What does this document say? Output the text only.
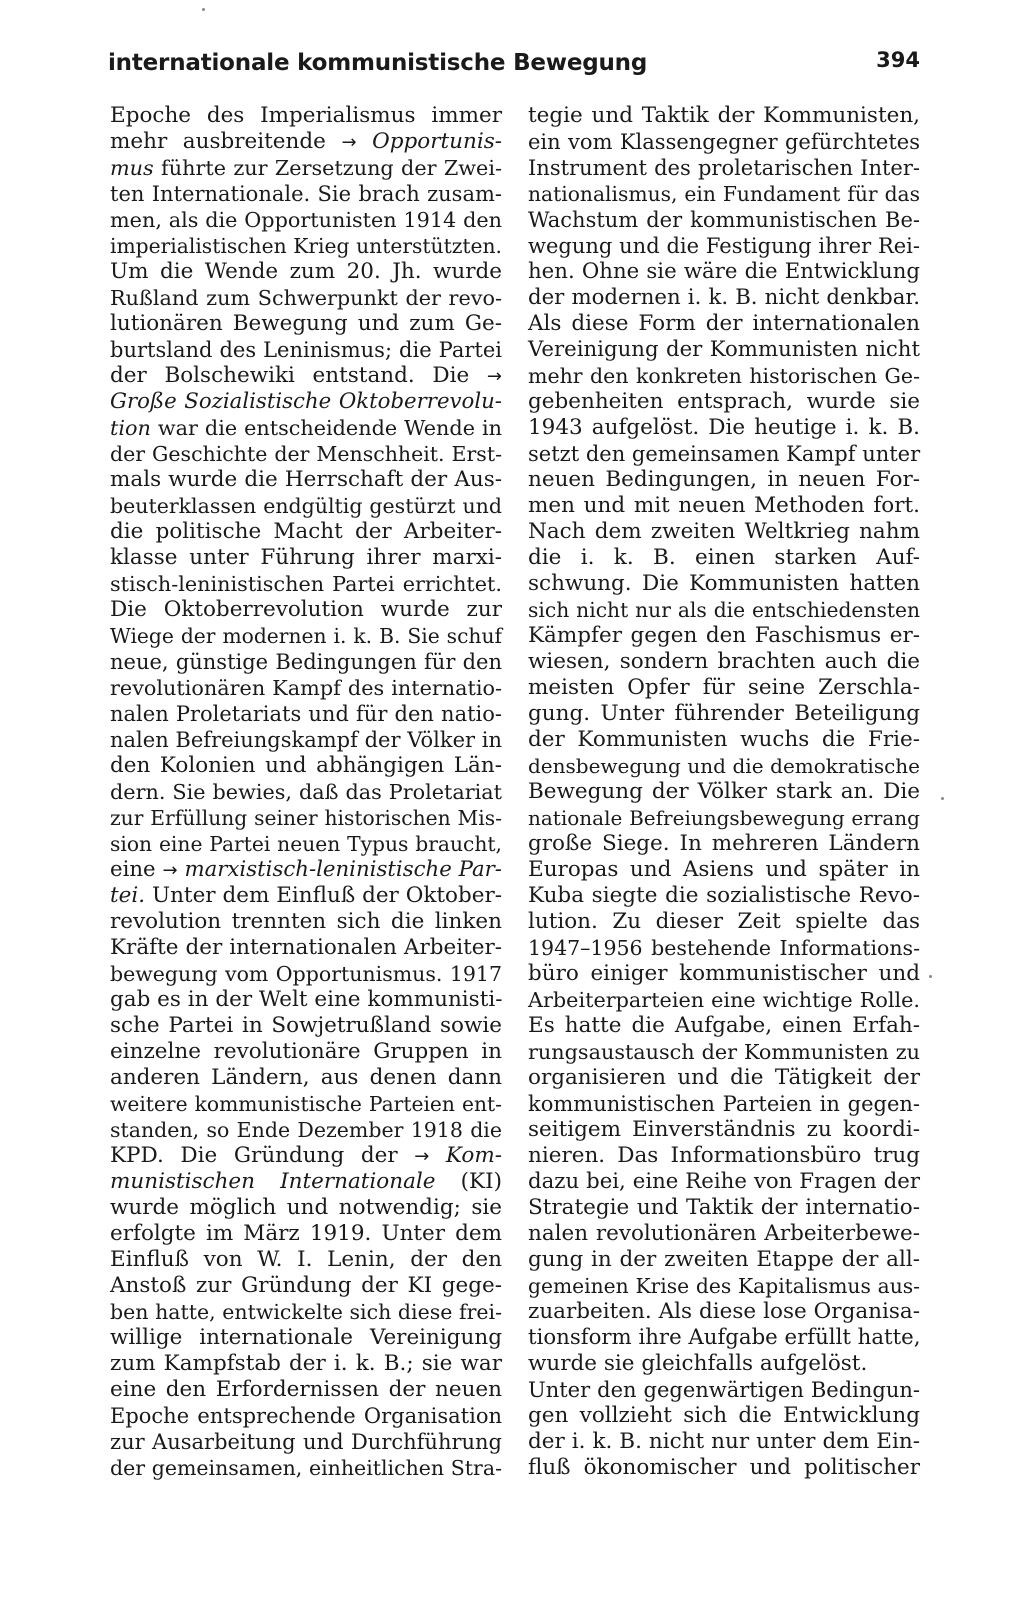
internationale kommunistische Bewegung	394
Epoche des Imperialismus immer
mehr ausbreitende → Opportunis-
mus führte zur Zersetzung der Zwei-
ten Internationale. Sie brach zusam-
men, als die Opportunisten 1914 den
imperialistischen Krieg unterstützten.
Um die Wende zum 20. Jh. wurde
Rußland zum Schwerpunkt der revo-
lutionären Bewegung und zum Ge-
burtsland des Leninismus; die Partei
der Bolschewiki entstand. Die →
Große Sozialistische Oktoberrevolu-
tion war die entscheidende Wende in
der Geschichte der Menschheit. Erst-
mals wurde die Herrschaft der Aus-
beuterklassen endgültig gestürzt und
die politische Macht der Arbeiter-
klasse unter Führung ihrer marxi-
stisch-leninistischen Partei errichtet.
Die Oktoberrevolution wurde zur
Wiege der modernen i. k. B. Sie schuf
neue, günstige Bedingungen für den
revolutionären Kampf des internatio-
nalen Proletariats und für den natio-
nalen Befreiungskampf der Völker in
den Kolonien und abhängigen Län-
dern. Sie bewies, daß das Proletariat
zur Erfüllung seiner historischen Mis-
sion eine Partei neuen Typus braucht,
eine → marxistisch-leninistische Par-
tei. Unter dem Einfluß der Oktober-
revolution trennten sich die linken
Kräfte der internationalen Arbeiter-
bewegung vom Opportunismus. 1917
gab es in der Welt eine kommunisti-
sche Partei in Sowjetrußland sowie
einzelne revolutionäre Gruppen in
anderen Ländern, aus denen dann
weitere kommunistische Parteien ent-
standen, so Ende Dezember 1918 die
KPD. Die Gründung der → Kom-
munistischen Internationale (KI)
wurde möglich und notwendig; sie
erfolgte im März 1919. Unter dem
Einfluß von W. I. Lenin, der den
Anstoß zur Gründung der KI gege-
ben hatte, entwickelte sich diese frei-
willige internationale Vereinigung
zum Kampfstab der i. k. B.; sie war
eine den Erfordernissen der neuen
Epoche entsprechende Organisation
zur Ausarbeitung und Durchführung
der gemeinsamen, einheitlichen Stra-
tegie und Taktik der Kommunisten,
ein vom Klassengegner gefürchtetes
Instrument des proletarischen Inter-
nationalismus, ein Fundament für das
Wachstum der kommunistischen Be-
wegung und die Festigung ihrer Rei-
hen. Ohne sie wäre die Entwicklung
der modernen i. k. B. nicht denkbar.
Als diese Form der internationalen
Vereinigung der Kommunisten nicht
mehr den konkreten historischen Ge-
gebenheiten entsprach, wurde sie
1943 aufgelöst. Die heutige i. k. B.
setzt den gemeinsamen Kampf unter
neuen Bedingungen, in neuen For-
men und mit neuen Methoden fort.
Nach dem zweiten Weltkrieg nahm
die i. k. B. einen starken Auf-
schwung. Die Kommunisten hatten
sich nicht nur als die entschiedensten
Kämpfer gegen den Faschismus er-
wiesen, sondern brachten auch die
meisten Opfer für seine Zerschla-
gung. Unter führender Beteiligung
der Kommunisten wuchs die Frie-
densbewegung und die demokratische
Bewegung der Völker stark an. Die
nationale Befreiungsbewegung errang
große Siege. In mehreren Ländern
Europas und Asiens und später in
Kuba siegte die sozialistische Revo-
lution. Zu dieser Zeit spielte das
1947–1956 bestehende Informations-
büro einiger kommunistischer und
Arbeiterparteien eine wichtige Rolle.
Es hatte die Aufgabe, einen Erfah-
rungsaustausch der Kommunisten zu
organisieren und die Tätigkeit der
kommunistischen Parteien in gegen-
seitigem Einverständnis zu koordi-
nieren. Das Informationsbüro trug
dazu bei, eine Reihe von Fragen der
Strategie und Taktik der internatio-
nalen revolutionären Arbeiterbewe-
gung in der zweiten Etappe der all-
gemeinen Krise des Kapitalismus aus-
zuarbeiten. Als diese lose Organisa-
tionsform ihre Aufgabe erfüllt hatte,
wurde sie gleichfalls aufgelöst.
Unter den gegenwärtigen Bedingun-
gen vollzieht sich die Entwicklung
der i. k. B. nicht nur unter dem Ein-
fluß ökonomischer und politischer
